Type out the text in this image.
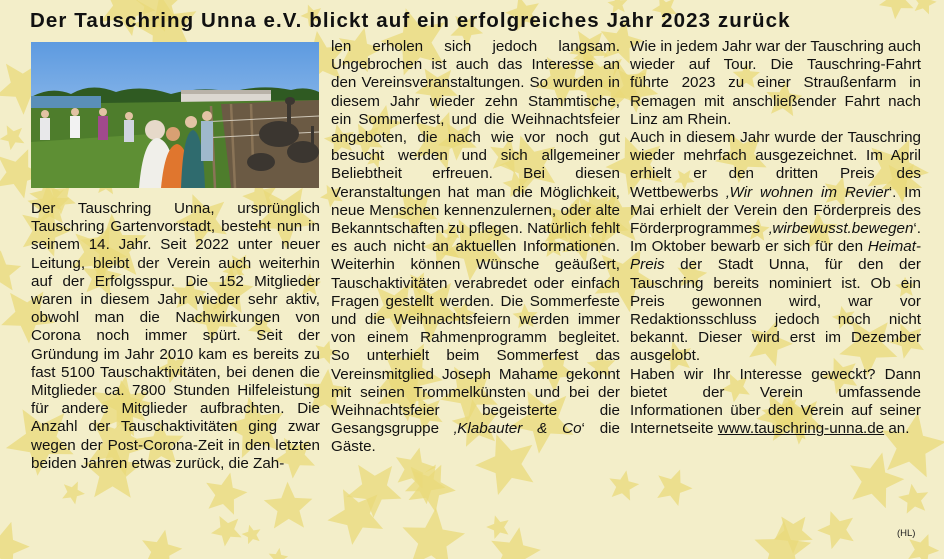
Der Tauschring Unna e.V. blickt auf ein erfolgreiches Jahr 2023 zurück

Der Tauschring Unna, ursprünglich Tauschring Gartenvorstadt, besteht nun in seinem 14. Jahr. Seit 2022 unter neuer Leitung, bleibt der Verein auch weiterhin auf der Erfolgsspur. Die 152 Mitglieder waren in diesem Jahr wieder sehr aktiv, obwohl man die Nachwirkungen von Corona noch immer spürt. Seit der Gründung im Jahr 2010 kam es bereits zu fast 5100 Tauschaktivitäten, bei denen die Mitglieder ca. 7800 Stunden Hilfeleistung für andere Mitglieder aufbrachten. Die Anzahl der Tauschaktivitäten ging zwar wegen der Post-Corona-Zeit in den letzten beiden Jahren etwas zurück, die Zah-

len erholen sich jedoch langsam. Ungebrochen ist auch das Interesse an den Vereinsveranstaltungen. So wurden in diesem Jahr wieder zehn Stammtische, ein Sommerfest, und die Weihnachtsfeier angeboten, die nach wie vor noch gut besucht werden und sich allgemeiner Beliebtheit erfreuen. Bei diesen Veranstaltungen hat man die Möglichkeit, neue Menschen kennenzulernen, oder alte Bekanntschaften zu pflegen. Natürlich fehlt es auch nicht an aktuellen Informationen. Weiterhin können Wünsche geäußert, Tauschaktivitäten verabredet oder einfach Fragen gestellt werden. Die Sommerfeste und die Weihnachtsfeiern werden immer von einem Rahmenprogramm begleitet. So unterhielt beim Sommerfest das Vereinsmitglied Joseph Mahame gekonnt mit seinen Trommelkünsten und bei der Weihnachtsfeier begeisterte die Gesangsgruppe ‚Klabauter & Co‘ die Gäste.

Wie in jedem Jahr war der Tauschring auch wieder auf Tour. Die Tauschring-Fahrt führte 2023 zu einer Straußenfarm in Remagen mit anschließender Fahrt nach Linz am Rhein.

Auch in diesem Jahr wurde der Tauschring wieder mehrfach ausgezeichnet. Im April erhielt er den dritten Preis des Wettbewerbs ‚Wir wohnen im Revier‘. Im Mai erhielt der Verein den Förderpreis des Förderprogrammes ‚wirbewusst.bewegen‘. Im Oktober bewarb er sich für den Heimat-Preis der Stadt Unna, für den der Tauschring bereits nominiert ist. Ob ein Preis gewonnen wird, war vor Redaktionsschluss jedoch noch nicht bekannt. Dieser wird erst im Dezember ausgelobt.

Haben wir Ihr Interesse geweckt? Dann bietet der Verein umfassende Informationen über den Verein auf seiner Internetseite www.tauschring-unna.de an.

(HL)
